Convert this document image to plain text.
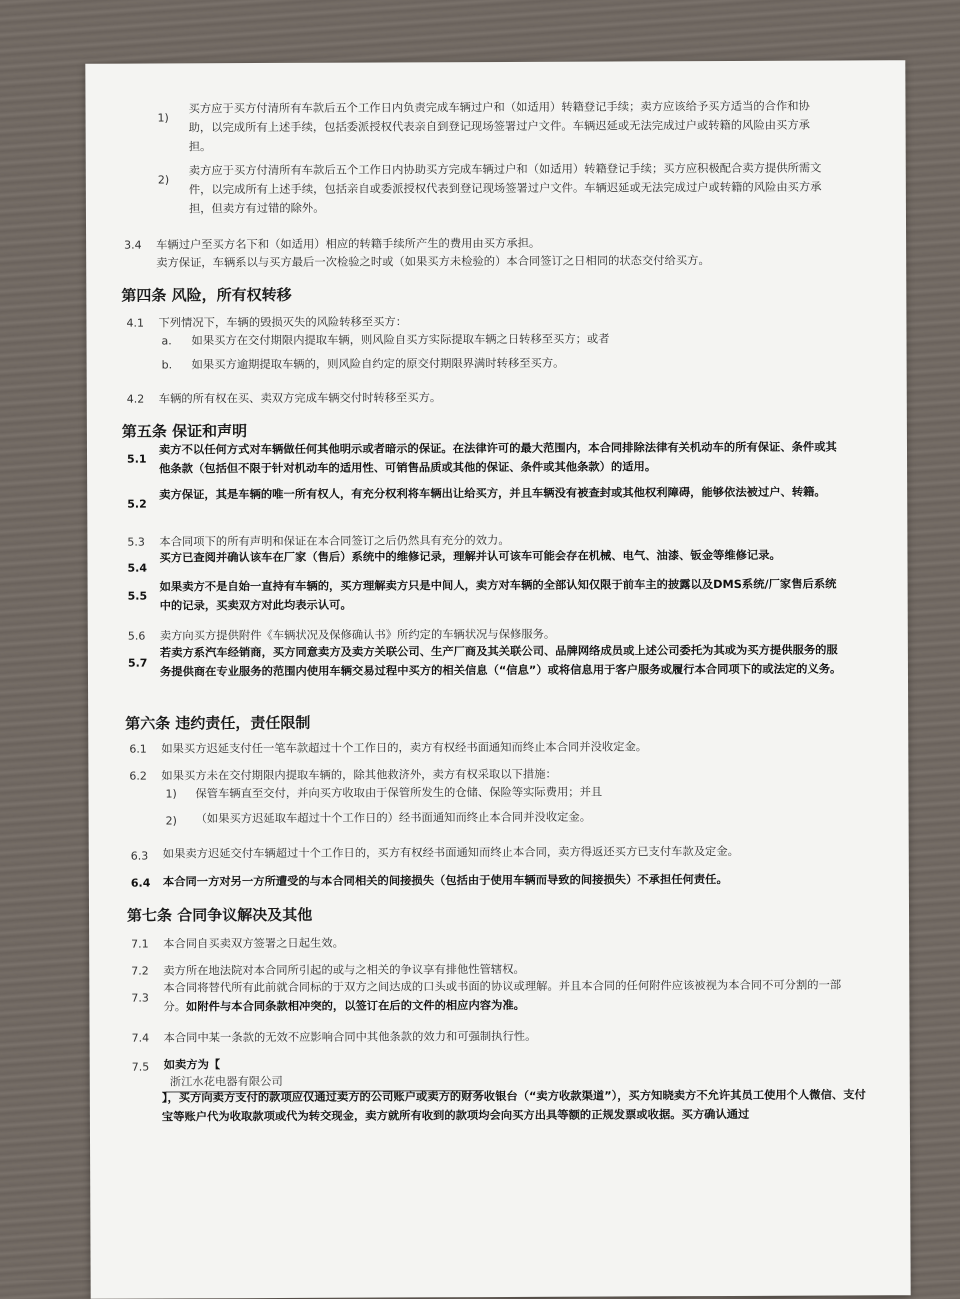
1)
买方应于买方付清所有车款后五个工作日内负责完成车辆过户和（如适用）转籍登记手续；卖方应该给予买方适当的合作和协助，以完成所有上述手续，包括委派授权代表亲自到登记现场签署过户文件。车辆迟延或无法完成过户或转籍的风险由买方承担。
2)
卖方应于买方付清所有车款后五个工作日内协助买方完成车辆过户和（如适用）转籍登记手续；买方应积极配合卖方提供所需文件，以完成所有上述手续，包括亲自或委派授权代表到登记现场签署过户文件。车辆迟延或无法完成过户或转籍的风险由买方承担，但卖方有过错的除外。
3.4 车辆过户至买方名下和（如适用）相应的转籍手续所产生的费用由买方承担。
卖方保证，车辆系以与买方最后一次检验之时或（如果买方未检验的）本合同签订之日相同的状态交付给买方。
第四条 风险，所有权转移
4.1 下列情况下，车辆的毁损灭失的风险转移至买方：
a. 如果买方在交付期限内提取车辆，则风险自买方实际提取车辆之日转移至买方；或者
b. 如果买方逾期提取车辆的，则风险自约定的原交付期限界满时转移至买方。
4.2 车辆的所有权在买、卖双方完成车辆交付时转移至买方。
第五条 保证和声明
5.1
卖方不以任何方式对车辆做任何其他明示或者暗示的保证。在法律许可的最大范围内，本合同排除法律有关机动车的所有保证、条件或其他条款（包括但不限于针对机动车的适用性、可销售品质或其他的保证、条件或其他条款）的适用。
5.2
卖方保证，其是车辆的唯一所有权人，有充分权利将车辆出让给买方，并且车辆没有被查封或其他权利障碍，能够依法被过户、转籍。
5.3 本合同项下的所有声明和保证在本合同签订之后仍然具有充分的效力。
5.4
买方已查阅并确认该车在厂家（售后）系统中的维修记录，理解并认可该车可能会存在机械、电气、油漆、钣金等维修记录。
5.5
如果卖方不是自始一直持有车辆的，买方理解卖方只是中间人，卖方对车辆的全部认知仅限于前车主的披露以及DMS系统/厂家售后系统中的记录，买卖双方对此均表示认可。
5.6 卖方向买方提供附件《车辆状况及保修确认书》所约定的车辆状况与保修服务。
5.7
若卖方系汽车经销商，买方同意卖方及卖方关联公司、生产厂商及其关联公司、品牌网络成员或上述公司委托为其或为买方提供服务的服务提供商在专业服务的范围内使用车辆交易过程中买方的相关信息（“信息”）或将信息用于客户服务或履行本合同项下的或法定的义务。
第六条 违约责任，责任限制
6.1 如果买方迟延支付任一笔车款超过十个工作日的，卖方有权经书面通知而终止本合同并没收定金。
6.2 如果买方未在交付期限内提取车辆的，除其他救济外，卖方有权采取以下措施：
1) 保管车辆直至交付，并向买方收取由于保管所发生的仓储、保险等实际费用；并且
2) （如果买方迟延取车超过十个工作日的）经书面通知而终止本合同并没收定金。
6.3 如果卖方迟延交付车辆超过十个工作日的，买方有权经书面通知而终止本合同，卖方得返还买方已支付车款及定金。
6.4 本合同一方对另一方所遭受的与本合同相关的间接损失（包括由于使用车辆而导致的间接损失）不承担任何责任。
第七条 合同争议解决及其他
7.1 本合同自买卖双方签署之日起生效。
7.2 卖方所在地法院对本合同所引起的或与之相关的争议享有排他性管辖权。
7.3
本合同将替代所有此前就合同标的于双方之间达成的口头或书面的协议或理解。并且本合同的任何附件应该被视为本合同不可分割的一部分。如附件与本合同条款相冲突的，以签订在后的文件的相应内容为准。
7.4 本合同中某一条款的无效不应影响合同中其他条款的效力和可强制执行性。
7.5 如卖方为【
浙江水花电器有限公司
】，买方向卖方支付的款项应仅通过卖方的公司账户或卖方的财务收银台（“卖方收款渠道”），买方知晓卖方不允许其员工使用个人微信、支付宝等账户代为收取款项或代为转交现金，卖方就所有收到的款项均会向买方出具等额的正规发票或收据。买方确认通过
